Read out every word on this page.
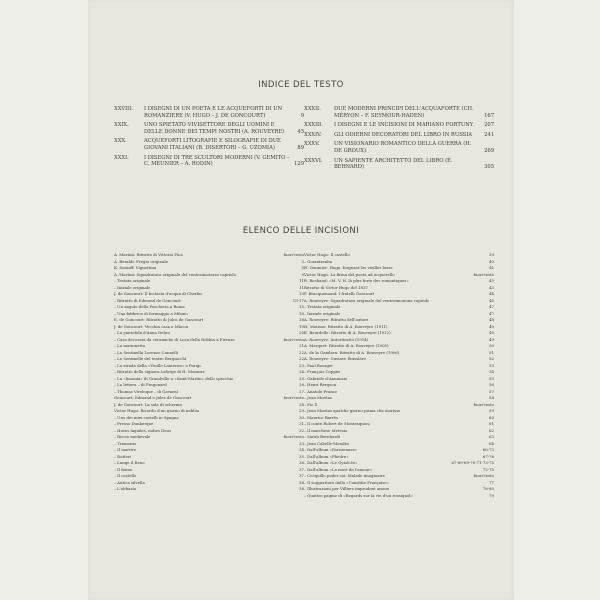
INDICE DEL TESTO
XXVIII. I DISEGNI DI UN POETA E LE ACQUEFORTI DI UN ROMANZIERE (V. HUGO – J. DE GONCOURT)	9
XXIX.	UNO SPIETATO VIVISETTORE DEGLI UOMINI E DELLE DONNE DEI TEMPI NOSTRI (A. ROUVEYRE)	45
XXX.	ACQUEFORTI LITOGRAFIE E SILOGRAFIE DI DUE GIOVANI ITALIANI (B. DISERTORI – G. UZOMIA)	89
XXXI.	I DISEGNI DI TRE SCULTORI MODERNI (V. GEMITO – C. MEUNIER – A. RODIN)	129
XXXII.	DUE MODERNI PRINCIPI DELL'ACQUAFORTE (CH. MÉRYON – F. SEYMOUR-HADEN)	167
XXXIII. I DISEGNI E LE INCISIONI DI MARIANO FORTUNY 207
XXXIV. GLI ODIERNI DECORATORI DEL LIBRO IN RUSSIA 241
XXXV.	UN VISIONARIO ROMANTICO DELLA GUERRA (H. DE GROUX)	269
XXXVI. UN SAPIENTE ARCHITETTO DEL LIBRO (É. BERNARD)	305
ELENCO DELLE INCISIONI
A. Martini: Ritratto di Vittorio Pica	fuori-testo
A. Beraldi: Fregio originale	3
K. Somoff: Vignettina	5
A. Martini: Squadratura originale del ventesimoterzo capitolo	9
– Testata originale	11
– Iniziale originale	11
J. de Goncourt: Il fochista d'acqua di Cherlin	13
– Ritratto di Edmond de Goncourt	15-17
– Un angolo della Pescheria a Roma	15
– Una fabbrica di formaggio a Milano	16
E. de Goncourt: Ritratto di Jules de Goncourt	18
J. de Goncourt: Vecchia casa a Mâcon	19
– La pantofola d'Anna Delice	20
– Casa decorata da ceramiche di Luca della Robbia a Firenze	fuori-testo
– La marionetta	21
– La Sentinella Lorenzo Cannelli	22
– Le Sentinelle del teatro Bergiacchi	22
– La strada della «Vieille Lanterne» a Parigi	23
– Ritratto della signora Laforge di H. Monnier	24
– La «limonia» di Grandville a «Saint-Martin» dello specchio	25
– La lettera – di Fragonard	26
– Thomas Vireloque – di Gavarni	27
Goncourt: Edmond e Jules de Goncourt	fuori-testo
J. de Goncourt: La sala di scherma	28
Victor Hugo: Ricordo d'un giorno di nebbia	29
– Uno dei miei castelli in Spagna	30
– Presso Dunkerque	31
– Hoses lagiales, nubes Deus	32
– Rocca medievale	fuori-testo
– Tramonto	33
– Il martire	34
– Rotteri	35
– Lunge il Reno	36
– Il fiume	37
– Il castello	37
– Antica silvella	38
– L'abbazia	38
Victor Hugo: Il castello	39
– Gozzatrenha	40
H. Daumier: Hugo, forgeant les vieilles bises	41
Victor Hugo: La firma del poeta ad acquerello	fuori-testo
B. Rechaud: «M. V. H. là plus forte des romantiques»	43
Ritratto di Victor Hugo del 1837	43
F. Bracquemond: I fratelli Goncourt	44
A. Rouveyre: Squadratura originale del ventesimonono capitolo	45
– Testata originale	47
– Iniziale originale	47
A. Rouveyre: Ritratto dell'autore	48
H. Matisse: Ritratto di A. Rouveyre (1911)	49
E. Bourdelle: Ritratto di A. Rouveyre (1912)	49
A. Rouveyre: Autoritratto (1914)	49
A. Marquet: Ritratto di A. Rouveyre (1905)	50
A. de la Gandara: Ritratto di A. Rouveyre (1906)	51
A. Rouveyre: Gustave Boissière	52
– Paul Bourget	53
– François Coppée	54
– Gabriele d'Annunzio	55
– Henri Bergson	56
– Anatole France	57
– Jean Moréas	58
– Pio X	fuori-testo
– Jean Moréas qualche giorno prima che morisse	59
– Maurice Barrès	60
– Il conte Robert de Montesquiou	61
– Il marchese Metesio	62
– Sarah Bernhardt	63
– Jean Cabelle-Mendès	64
– Dall'album «Parisiennes»	66-73
– Dall'album «Phèdre»	67-76
– Dall'album «Le Gynécée»	67-69-69-70-71-73-75
– Dall'album «La mort de l'amour»	72-75
– Cocquille poder soi: Malade imaginaire	fuori-testo
– Il suggeritore dalla «Comédie-Française»	77
– Illustrazioni per Villiers imprudent amore	78-80
– Quattro pagine di «Regards sur la vie d'un rossignol»	79
